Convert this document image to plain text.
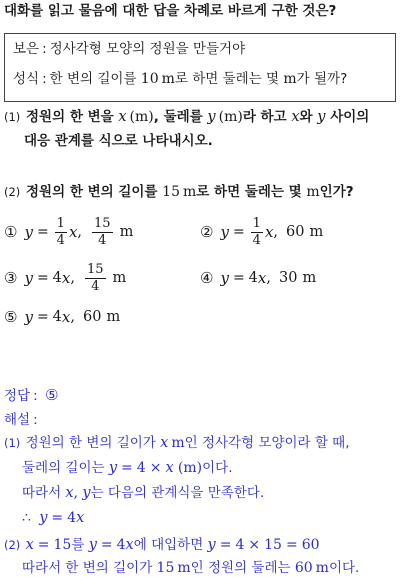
대화를 읽고 물음에 대한 답을 차례로 바르게 구한 것은?
보은 : 정사각형 모양의 정원을 만들거야
성식 : 한 변의 길이를 10 m로 하면 둘레는 몇 m가 될까?
(1) 정원의 한 변을 x (m), 둘레를 y (m)라 하고 x와 y 사이의
대응 관계를 식으로 나타내시오.
(2) 정원의 한 변의 길이를 15 m로 하면 둘레는 몇 m인가?
① $y = \frac{1}{4}$ x , $\frac{15}{4}$ m	② $y = \frac{1}{4}$ x , 60 m
③ y = 4 x , $\frac{15}{4}$ m	④ y = 4 x , 30 m
⑤ y = 4 x , 60 m
정답 : ⑤
해설 :
(1) 정원의 한 변의 길이가 x m인 정사각형 모양이라 할 때,
둘레의 길이는 y = 4 × x (m)이다.
따라서 x, y는 다음의 관계식을 만족한다.
∴ y = 4x
(2) x = 15를 y = 4x에 대입하면 y = 4 × 15 = 60
따라서 한 변의 길이가 15 m인 정원의 둘레는 60 m이다.
